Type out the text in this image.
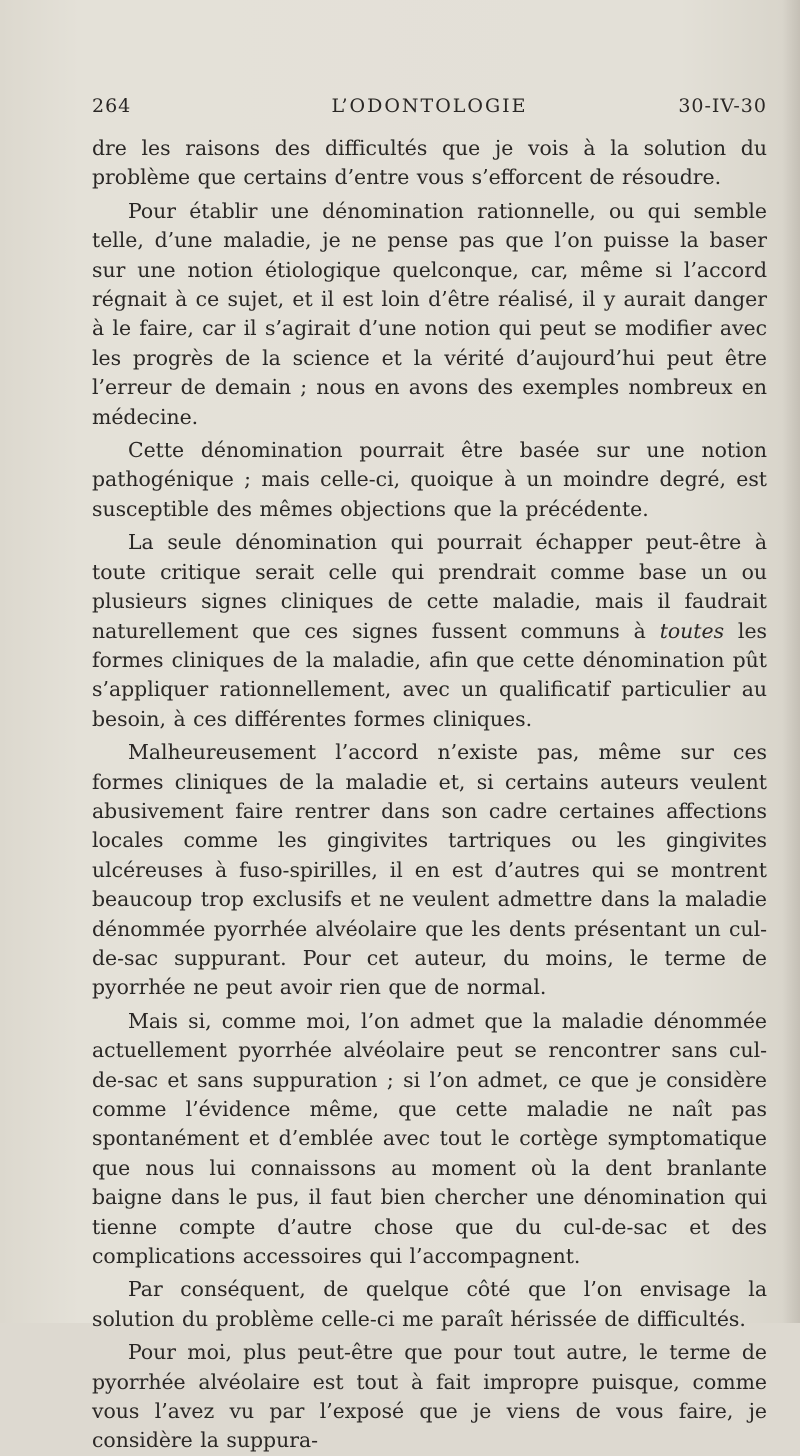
264	L’ODONTOLOGIE	30-IV-30

dre les raisons des difficultés que je vois à la solution du problème que certains d’entre vous s’efforcent de résoudre.

Pour établir une dénomination rationnelle, ou qui semble telle, d’une maladie, je ne pense pas que l’on puisse la baser sur une notion étiologique quelconque, car, même si l’accord régnait à ce sujet, et il est loin d’être réalisé, il y aurait danger à le faire, car il s’agirait d’une notion qui peut se modifier avec les progrès de la science et la vérité d’aujourd’hui peut être l’erreur de demain ; nous en avons des exemples nombreux en médecine.

Cette dénomination pourrait être basée sur une notion pathogénique ; mais celle-ci, quoique à un moindre degré, est susceptible des mêmes objections que la précédente.

La seule dénomination qui pourrait échapper peut-être à toute critique serait celle qui prendrait comme base un ou plusieurs signes cliniques de cette maladie, mais il faudrait naturellement que ces signes fussent communs à toutes les formes cliniques de la maladie, afin que cette dénomination pût s’appliquer rationnellement, avec un qualificatif particulier au besoin, à ces différentes formes cliniques.

Malheureusement l’accord n’existe pas, même sur ces formes cliniques de la maladie et, si certains auteurs veulent abusivement faire rentrer dans son cadre certaines affections locales comme les gingivites tartriques ou les gingivites ulcéreuses à fuso-spirilles, il en est d’autres qui se montrent beaucoup trop exclusifs et ne veulent admettre dans la maladie dénommée pyorrhée alvéolaire que les dents présentant un cul-de-sac suppurant. Pour cet auteur, du moins, le terme de pyorrhée ne peut avoir rien que de normal.

Mais si, comme moi, l’on admet que la maladie dénommée actuellement pyorrhée alvéolaire peut se rencontrer sans cul-de-sac et sans suppuration ; si l’on admet, ce que je considère comme l’évidence même, que cette maladie ne naît pas spontanément et d’emblée avec tout le cortège symptomatique que nous lui connaissons au moment où la dent branlante baigne dans le pus, il faut bien chercher une dénomination qui tienne compte d’autre chose que du cul-de-sac et des complications accessoires qui l’accompagnent.

Par conséquent, de quelque côté que l’on envisage la solution du problème celle-ci me paraît hérissée de difficultés.

Pour moi, plus peut-être que pour tout autre, le terme de pyorrhée alvéolaire est tout à fait impropre puisque, comme vous l’avez vu par l’exposé que je viens de vous faire, je considère la suppura-
